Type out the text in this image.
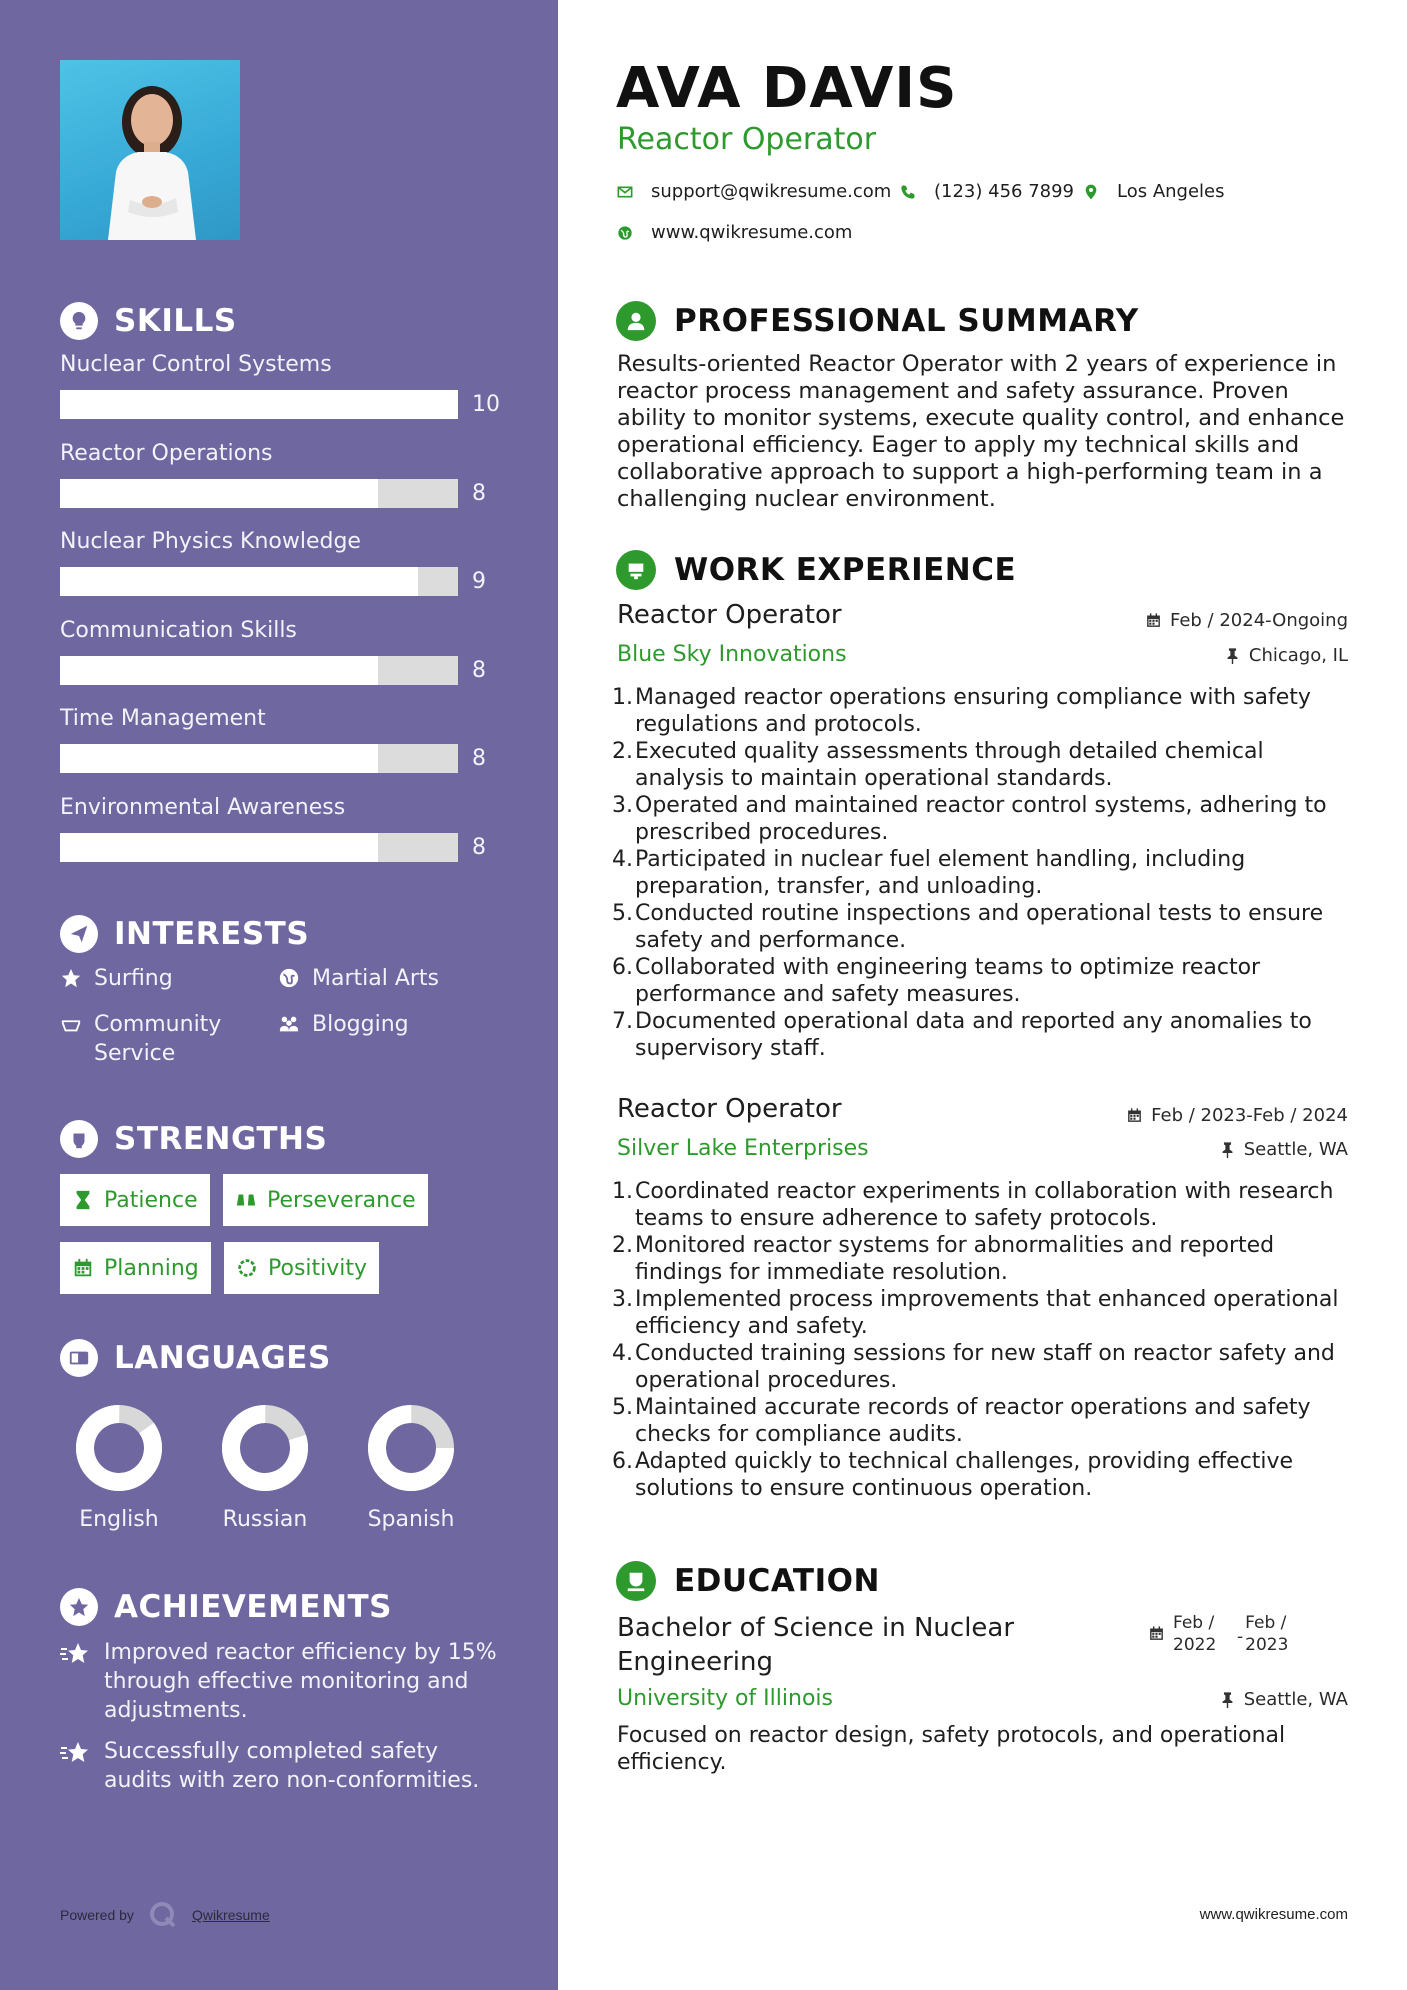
SKILLS
Nuclear Control Systems
10
Reactor Operations
8
Nuclear Physics Knowledge
9
Communication Skills
8
Time Management
8
Environmental Awareness
8
INTERESTS
Surfing	Martial Arts
Community Service
Blogging
STRENGTHS
Patience	Perseverance
Planning	Positivity
LANGUAGES
English	Russian	Spanish
ACHIEVEMENTS
Improved reactor efficiency by 15% through effective monitoring and adjustments.
Successfully completed safety audits with zero non-conformities.
Powered by	Qwikresume
AVA DAVIS
Reactor Operator
support@qwikresume.com (123) 456 7899 Los Angeles
www.qwikresume.com
PROFESSIONAL SUMMARY
Results-oriented Reactor Operator with 2 years of experience in reactor process management and safety assurance. Proven ability to monitor systems, execute quality control, and enhance operational efficiency. Eager to apply my technical skills and collaborative approach to support a high-performing team in a challenging nuclear environment.
WORK EXPERIENCE
Reactor Operator
Blue Sky Innovations
Feb / 2024-Ongoing
Chicago, IL
1. Managed reactor operations ensuring compliance with safety regulations and protocols.
2. Executed quality assessments through detailed chemical analysis to maintain operational standards.
3. Operated and maintained reactor control systems, adhering to prescribed procedures.
4. Participated in nuclear fuel element handling, including preparation, transfer, and unloading.
5. Conducted routine inspections and operational tests to ensure safety and performance.
6. Collaborated with engineering teams to optimize reactor performance and safety measures.
7. Documented operational data and reported any anomalies to supervisory staff.
Reactor Operator
Silver Lake Enterprises
Feb / 2023-Feb / 2024
Seattle, WA
1. Coordinated reactor experiments in collaboration with research teams to ensure adherence to safety protocols.
2. Monitored reactor systems for abnormalities and reported findings for immediate resolution.
3. Implemented process improvements that enhanced operational efficiency and safety.
4. Conducted training sessions for new staff on reactor safety and operational procedures.
5. Maintained accurate records of reactor operations and safety checks for compliance audits.
6. Adapted quickly to technical challenges, providing effective solutions to ensure continuous operation.
EDUCATION
Bachelor of Science in Nuclear Engineering
University of Illinois
Feb / 2022	-
Feb / 2023
Seattle, WA
Focused on reactor design, safety protocols, and operational efficiency.
www.qwikresume.com
